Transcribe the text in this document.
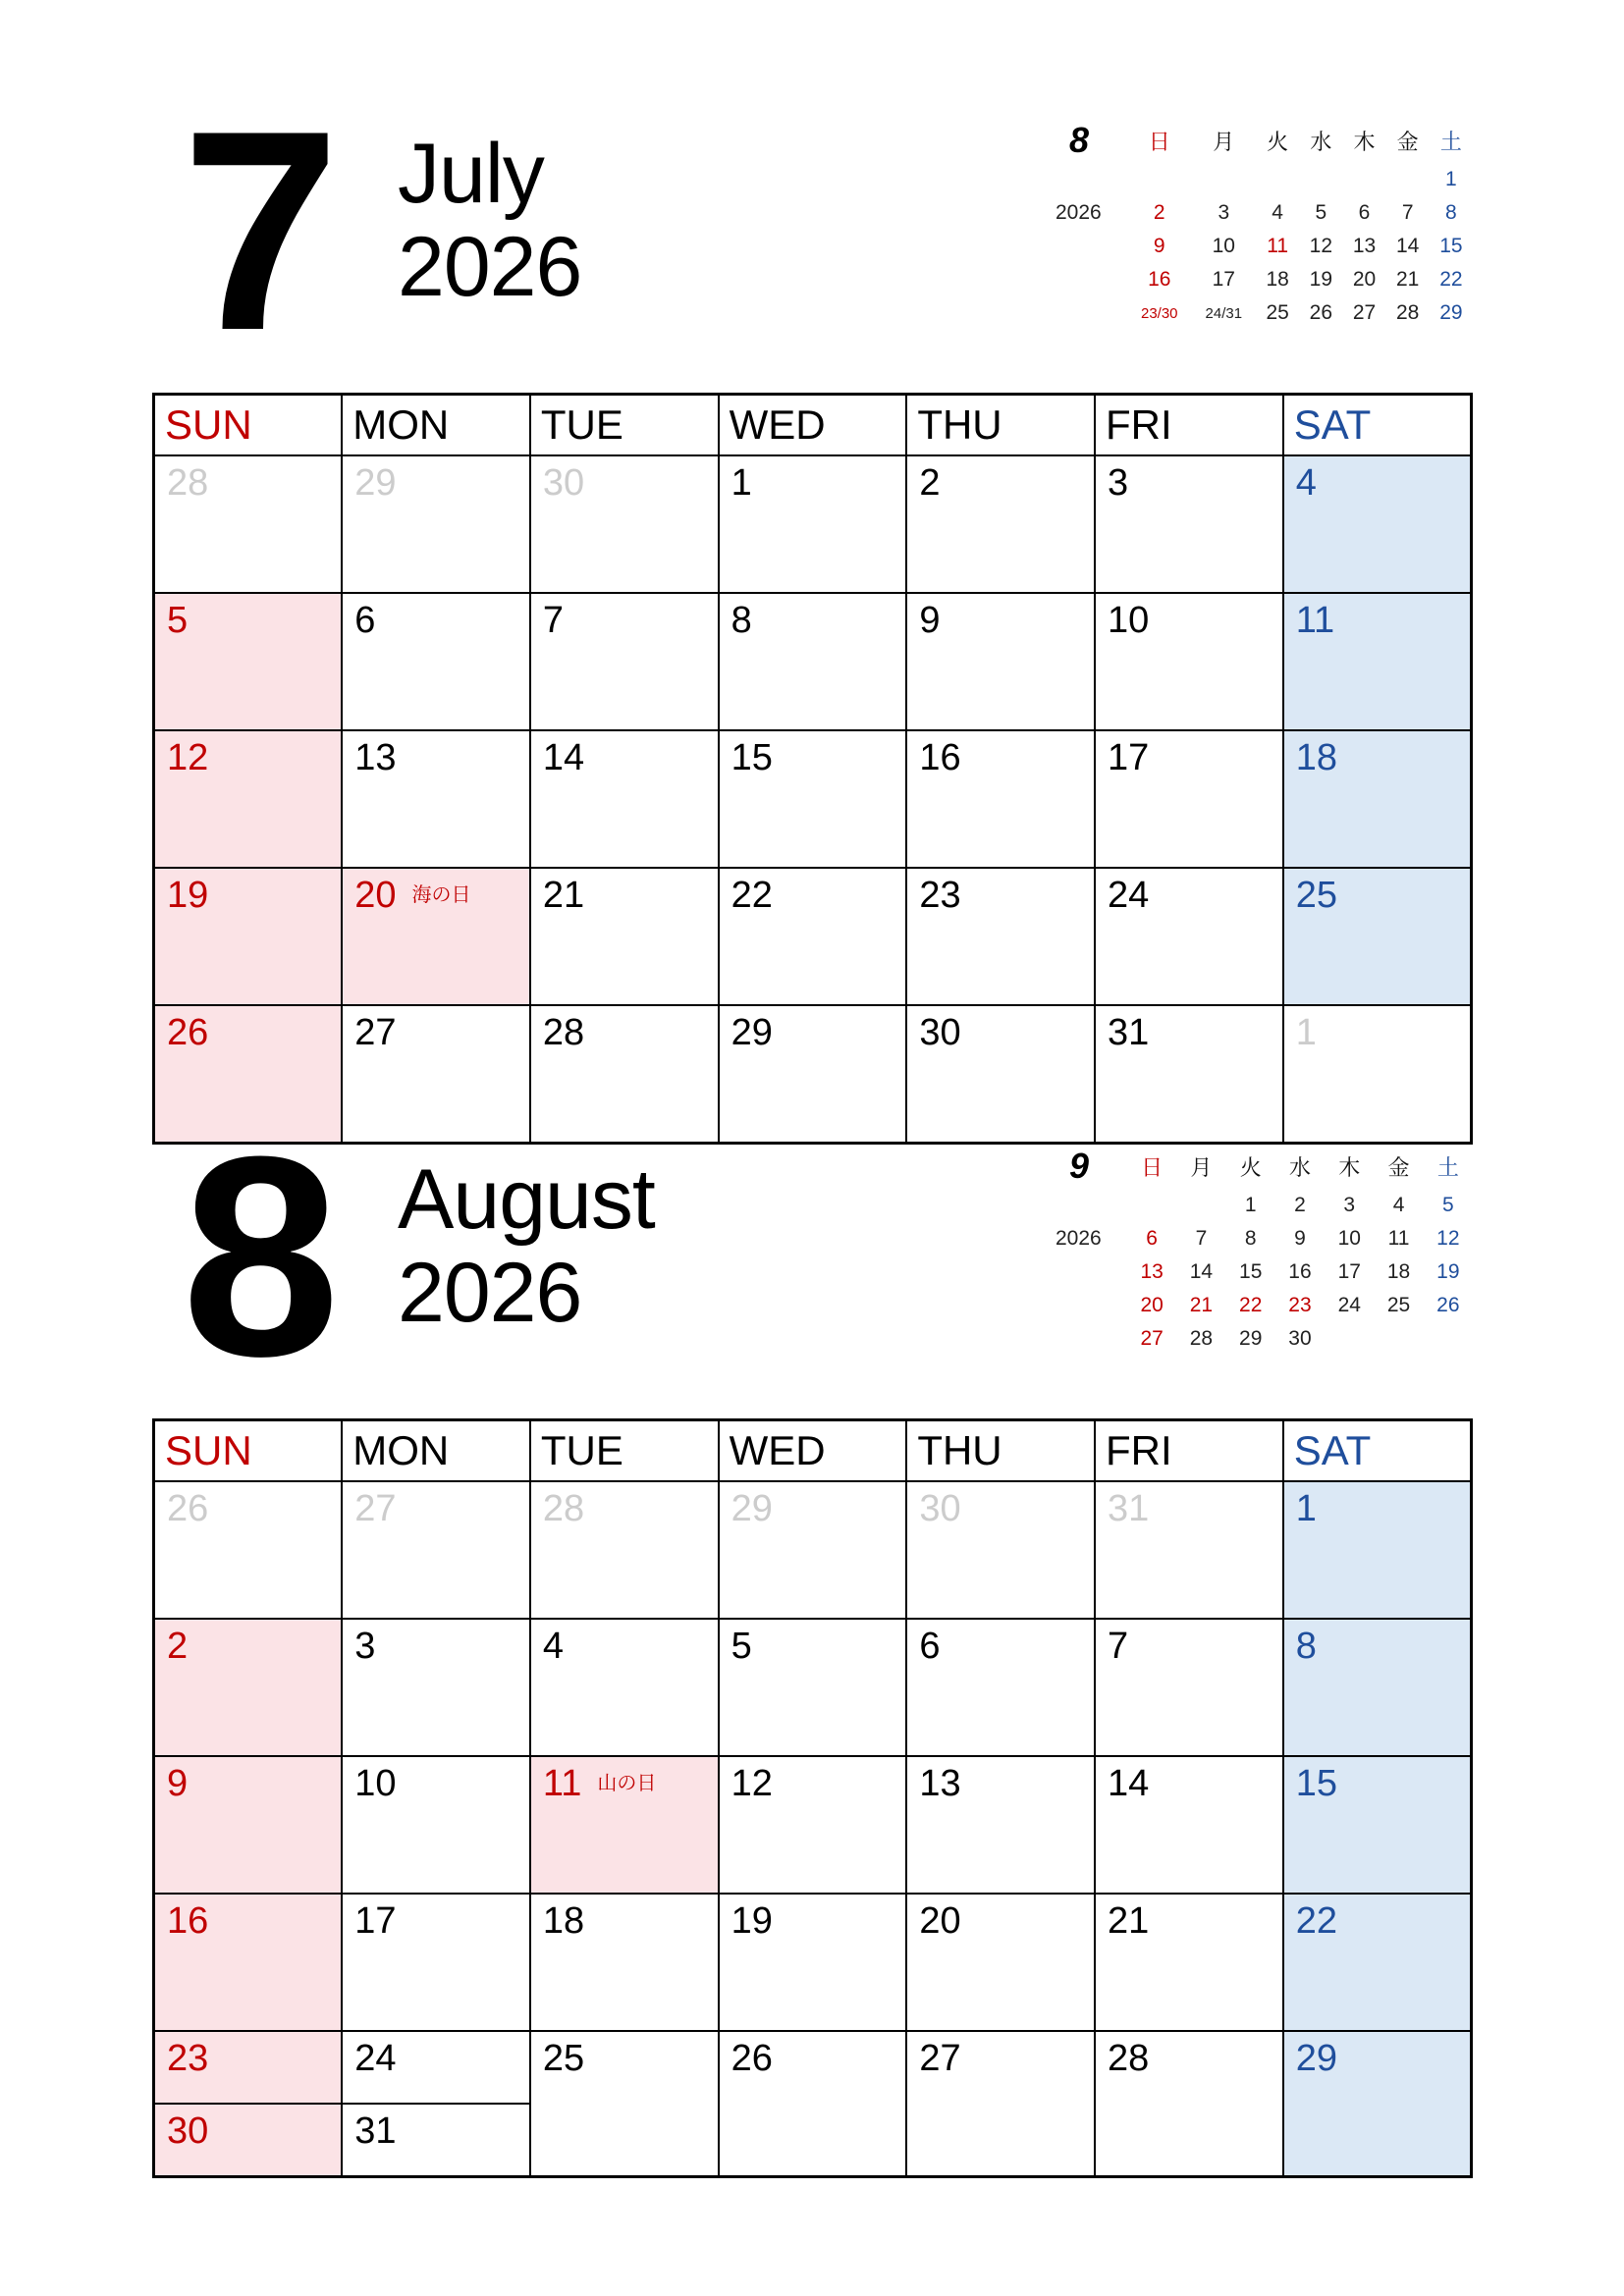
7 July
2026
8	日	月	火	水	木	金	土
							1
2026	2	3	4	5	6	7	8
	9	10	11	12	13	14	15
	16	17	18	19	20	21	22
	23/30	24/31	25	26	27	28	29
SUN	MON	TUE	WED	THU	FRI	SAT
28	29	30	1	2	3	4
5	6	7	8	9	10	11
12	13	14	15	16	17	18
19	20 海の日	21	22	23	24	25
26	27	28	29	30	31	1
8 August
2026
9	日	月	火	水	木	金	土
			1	2	3	4	5
2026	6	7	8	9	10	11	12
	13	14	15	16	17	18	19
	20	21	22	23	24	25	26
	27	28	29	30			
SUN	MON	TUE	WED	THU	FRI	SAT
26	27	28	29	30	31	1
2	3	4	5	6	7	8
9	10	11 山の日	12	13	14	15
16	17	18	19	20	21	22
23	24	25	26	27	28	29
30	31					
